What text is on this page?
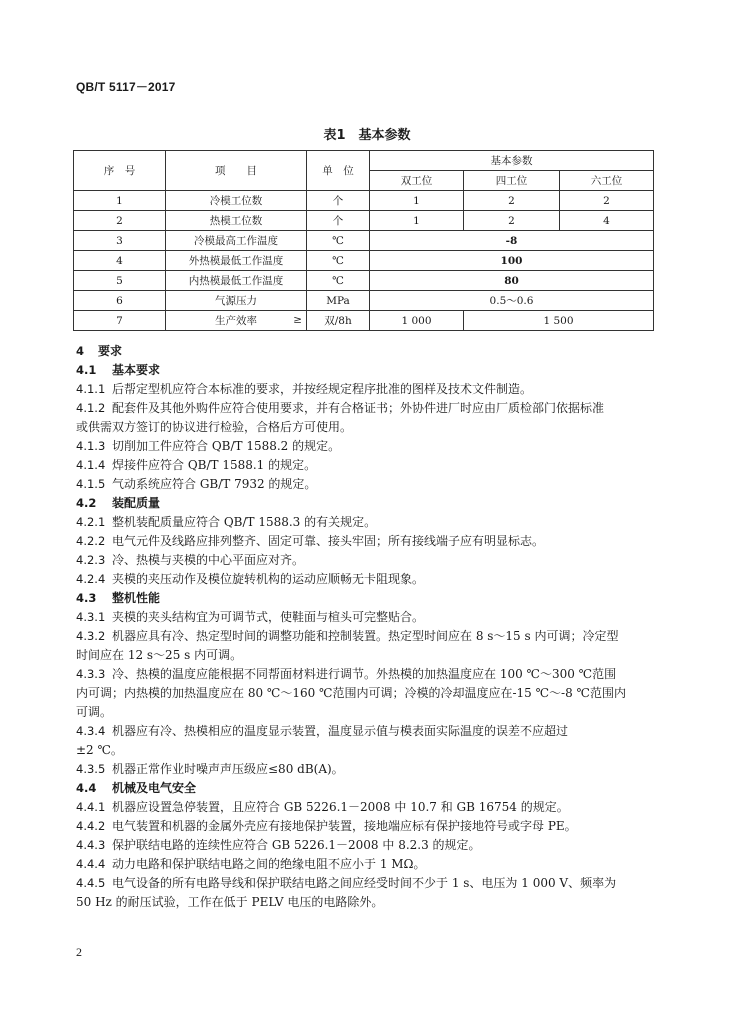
QB/T 5117－2017
表1　基本参数
序　号	项　　目	单　位	基本参数		
			双工位	四工位	六工位
1	冷模工位数	个	1	2	2
2	热模工位数	个	1	2	4
3	冷模最高工作温度	℃	-8		
4	外热模最低工作温度	℃	100		
5	内热模最低工作温度	℃	80		
6	气源压力	MPa	0.5～0.6		
7	生产效率 ≥	双/8h	1 000	1 500	
4 要求
4.1 基本要求
4.1.1 后帮定型机应符合本标准的要求，并按经规定程序批准的图样及技术文件制造。
4.1.2 配套件及其他外购件应符合使用要求，并有合格证书；外协件进厂时应由厂质检部门依据标准
或供需双方签订的协议进行检验，合格后方可使用。
4.1.3 切削加工件应符合 QB/T 1588.2 的规定。
4.1.4 焊接件应符合 QB/T 1588.1 的规定。
4.1.5 气动系统应符合 GB/T 7932 的规定。
4.2 装配质量
4.2.1 整机装配质量应符合 QB/T 1588.3 的有关规定。
4.2.2 电气元件及线路应排列整齐、固定可靠、接头牢固；所有接线端子应有明显标志。
4.2.3 冷、热模与夹模的中心平面应对齐。
4.2.4 夹模的夹压动作及模位旋转机构的运动应顺畅无卡阻现象。
4.3 整机性能
4.3.1 夹模的夹头结构宜为可调节式，使鞋面与楦头可完整贴合。
4.3.2 机器应具有冷、热定型时间的调整功能和控制装置。热定型时间应在 8 s～15 s 内可调；冷定型
时间应在 12 s～25 s 内可调。
4.3.3 冷、热模的温度应能根据不同帮面材料进行调节。外热模的加热温度应在 100 ℃～300 ℃范围
内可调；内热模的加热温度应在 80 ℃～160 ℃范围内可调；冷模的冷却温度应在-15 ℃～-8 ℃范围内
可调。
4.3.4 机器应有冷、热模相应的温度显示装置，温度显示值与模表面实际温度的误差不应超过
±2 ℃。
4.3.5 机器正常作业时噪声声压级应≤80 dB(A)。
4.4 机械及电气安全
4.4.1 机器应设置急停装置，且应符合 GB 5226.1－2008 中 10.7 和 GB 16754 的规定。
4.4.2 电气装置和机器的金属外壳应有接地保护装置，接地端应标有保护接地符号或字母 PE。
4.4.3 保护联结电路的连续性应符合 GB 5226.1－2008 中 8.2.3 的规定。
4.4.4 动力电路和保护联结电路之间的绝缘电阻不应小于 1 MΩ。
4.4.5 电气设备的所有电路导线和保护联结电路之间应经受时间不少于 1 s、电压为 1 000 V、频率为
50 Hz 的耐压试验，工作在低于 PELV 电压的电路除外。
2
